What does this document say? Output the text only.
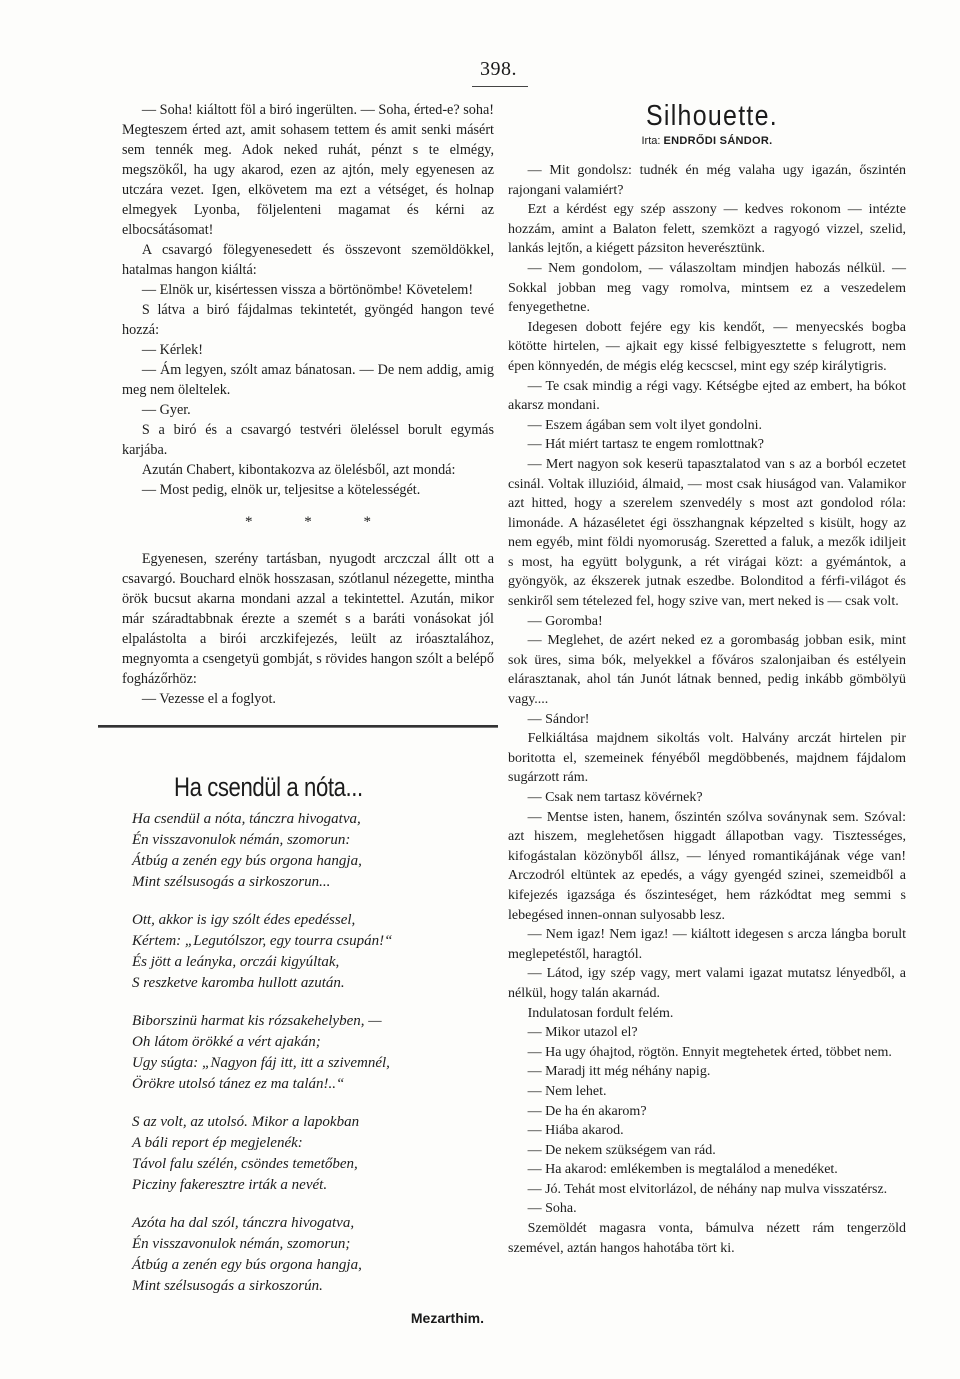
398.

— Soha! kiáltott föl a biró ingerülten. — Soha, érted-e? soha! Megteszem érted azt, amit sohasem tettem és amit senki másért sem tennék meg. Adok neked ruhát, pénzt s te elmégy, megszökől, ha ugy akarod, ezen az ajtón, mely egyenesen az utczára vezet. Igen, elkövetem ma ezt a vétséget, és holnap elmegyek Lyonba, följelenteni magamat és kérni az elbocsátásomat!

A csavargó fölegyenesedett és összevont szemöldökkel, hatalmas hangon kiáltá:

— Elnök ur, kisértessen vissza a börtönömbe! Követelem!

S látva a biró fájdalmas tekintetét, gyöngéd hangon tevé hozzá:

— Kérlek!

— Ám legyen, szólt amaz bánatosan. — De nem addig, amig meg nem öleltelek.

— Gyer.

S a biró és a csavargó testvéri öleléssel borult egymás karjába.

Azután Chabert, kibontakozva az ölelésből, azt mondá:

— Most pedig, elnök ur, teljesitse a kötelességét.

* * *

Egyenesen, szerény tartásban, nyugodt arczczal állt ott a csavargó. Bouchard elnök hosszasan, szótlanul nézegette, mintha örök bucsut akarna mondani azzal a tekintettel. Azután, mikor már száradtabbnak érezte a szemét s a baráti vonásokat jól elpalástolta a birói arczkifejezés, leült az iróasztalához, megnyomta a csengetyü gombját, s rövides hangon szólt a belépő fogházőrhöz:

— Vezesse el a foglyot.

Ha csendül a nóta...
Ha csendül a nóta, tánczra hivogatva,
Én visszavonulok némán, szomorun:
Átbúg a zenén egy bús orgona hangja,
Mint szélsusogás a sirkoszorun...
Ott, akkor is igy szólt édes epedéssel,
Kértem: „Legutólszor, egy tourra csupán!“
És jött a leányka, orczái kigyúltak,
S reszketve karomba hullott azután.
Biborszinü harmat kis rózsakehelyben, —
Oh látom örökké a vért ajakán;
Ugy súgta: „Nagyon fáj itt, itt a szivemnél,
Örökre utolsó tánez ez ma talán!..“
S az volt, az utolsó. Mikor a lapokban
A báli report ép megjelenék:
Távol falu szélén, csöndes temetőben,
Picziny fakeresztre irták a nevét.
Azóta ha dal szól, tánczra hivogatva,
Én visszavonulok némán, szomorun;
Átbúg a zenén egy bús orgona hangja,
Mint szélsusogás a sirkoszorún.
Mezarthim.
Silhouette.
Irta: ENDRŐDI SÁNDOR.

— Mit gondolsz: tudnék én még valaha ugy igazán, őszintén rajongani valamiért?

Ezt a kérdést egy szép asszony — kedves rokonom — intézte hozzám, amint a Balaton felett, szemközt a ragyogó vizzel, szelid, lankás lejtőn, a kiégett pázsiton heverésztünk.

— Nem gondolom, — válaszoltam mindjen habozás nélkül. — Sokkal jobban meg vagy romolva, mintsem ez a veszedelem fenyegethetne.

Idegesen dobott fejére egy kis kendőt, — menyecskés bogba kötötte hirtelen, — ajkait egy kissé felbigyesztette s felugrott, nem épen könnyedén, de mégis elég kecscsel, mint egy szép királytigris.

— Te csak mindig a régi vagy. Kétségbe ejted az embert, ha bókot akarsz mondani.

— Eszem ágában sem volt ilyet gondolni.

— Hát miért tartasz te engem romlottnak?

— Mert nagyon sok keserü tapasztalatod van s az a borból eczetet csinál. Voltak illuzióid, álmaid, — most csak hiuságod van. Valamikor azt hitted, hogy a szerelem szenvedély s most azt gondolod róla: limonáde. A házaséletet égi összhangnak képzelted s kisült, hogy az nem egyéb, mint földi nyomoruság. Szeretted a faluk, a mezők idiljeit s most, ha együtt bolygunk, a rét virágai közt: a gyémántok, a gyöngyök, az ékszerek jutnak eszedbe. Bolonditod a férfi-világot és senkiről sem tételezed fel, hogy szive van, mert neked is — csak volt.

— Goromba!

— Meglehet, de azért neked ez a gorombaság jobban esik, mint sok üres, sima bók, melyekkel a főváros szalonjaiban és estélyein elárasztanak, ahol tán Junót látnak benned, pedig inkább gömbölyü vagy....

— Sándor!

Felkiáltása majdnem sikoltás volt. Halvány arczát hirtelen pir boritotta el, szemeinek fényéből megdöbbenés, majdnem fájdalom sugárzott rám.

— Csak nem tartasz kövérnek?

— Mentse isten, hanem, őszintén szólva soványnak sem. Szóval: azt hiszem, meglehetősen higgadt állapotban vagy. Tisztességes, kifogástalan közönyből állsz, — lényed romantikájának vége van! Arczodról eltüntek az epedés, a vágy gyengéd szinei, szemeidből a kifejezés igazsága és őszinteséget, hem rázkódtat meg semmi s lebegésed innen-onnan sulyosabb lesz.

— Nem igaz! Nem igaz! — kiáltott idegesen s arcza lángba borult meglepetéstől, haragtól.

— Látod, igy szép vagy, mert valami igazat mutatsz lényedből, a nélkül, hogy talán akarnád.

Indulatosan fordult felém.

— Mikor utazol el?

— Ha ugy óhajtod, rögtön. Ennyit megtehetek érted, többet nem.

— Maradj itt még néhány napig.

— Nem lehet.

— De ha én akarom?

— Hiába akarod.

— De nekem szükségem van rád.

— Ha akarod: emlékemben is megtalálod a menedéket.

— Jó. Tehát most elvitorlázol, de néhány nap mulva visszatérsz.

— Soha.

Szemöldét magasra vonta, bámulva nézett rám tengerzöld szemével, aztán hangos hahotába tört ki.
